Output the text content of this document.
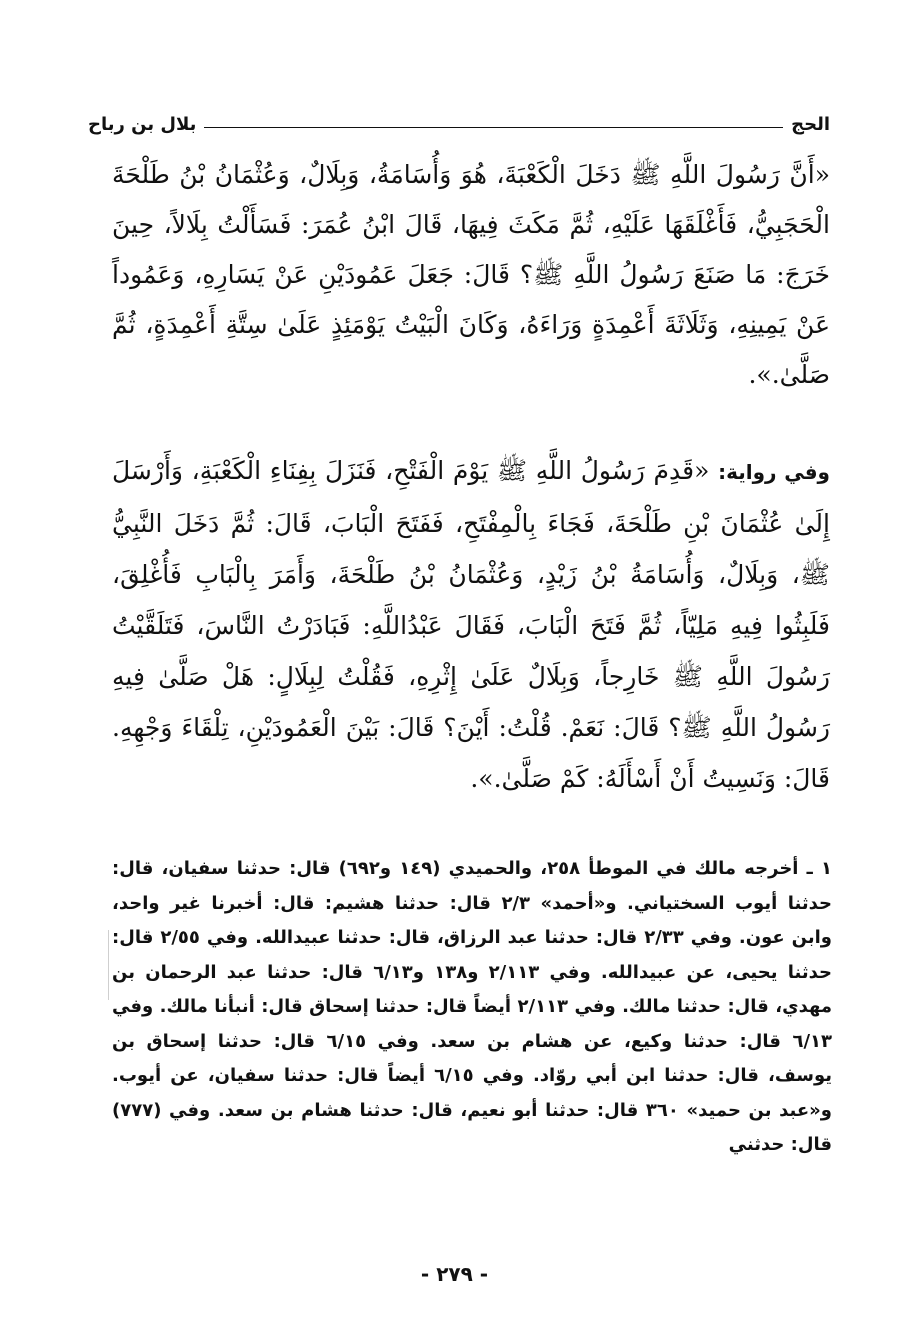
الحج
بلال بن رباح

«أَنَّ رَسُولَ اللَّهِ ﷺ دَخَلَ الْكَعْبَةَ، هُوَ وَأُسَامَةُ، وَبِلَالٌ، وَعُثْمَانُ بْنُ طَلْحَةَ الْحَجَبِيُّ، فَأَغْلَقَهَا عَلَيْهِ، ثُمَّ مَكَثَ فِيهَا، قَالَ ابْنُ عُمَرَ: فَسَأَلْتُ بِلَالاً، حِينَ خَرَجَ: مَا صَنَعَ رَسُولُ اللَّهِ ﷺ؟ قَالَ: جَعَلَ عَمُودَيْنِ عَنْ يَسَارِهِ، وَعَمُوداً عَنْ يَمِينِهِ، وَثَلَاثَةَ أَعْمِدَةٍ وَرَاءَهُ، وَكَانَ الْبَيْتُ يَوْمَئِذٍ عَلَىٰ سِتَّةِ أَعْمِدَةٍ، ثُمَّ صَلَّىٰ.».

وفي رواية: «قَدِمَ رَسُولُ اللَّهِ ﷺ يَوْمَ الْفَتْحِ، فَنَزَلَ بِفِنَاءِ الْكَعْبَةِ، وَأَرْسَلَ إِلَىٰ عُثْمَانَ بْنِ طَلْحَةَ، فَجَاءَ بِالْمِفْتَحِ، فَفَتَحَ الْبَابَ، قَالَ: ثُمَّ دَخَلَ النَّبِيُّ ﷺ، وَبِلَالٌ، وَأُسَامَةُ بْنُ زَيْدٍ، وَعُثْمَانُ بْنُ طَلْحَةَ، وَأَمَرَ بِالْبَابِ فَأُغْلِقَ، فَلَبِثُوا فِيهِ مَلِيّاً، ثُمَّ فَتَحَ الْبَابَ، فَقَالَ عَبْدُاللَّهِ: فَبَادَرْتُ النَّاسَ، فَتَلَقَّيْتُ رَسُولَ اللَّهِ ﷺ خَارِجاً، وَبِلَالٌ عَلَىٰ إِثْرِهِ، فَقُلْتُ لِبِلَالٍ: هَلْ صَلَّىٰ فِيهِ رَسُولُ اللَّهِ ﷺ؟ قَالَ: نَعَمْ. قُلْتُ: أَيْنَ؟ قَالَ: بَيْنَ الْعَمُودَيْنِ، تِلْقَاءَ وَجْهِهِ. قَالَ: وَنَسِيتُ أَنْ أَسْأَلَهُ: كَمْ صَلَّىٰ.».

١ ـ أخرجه مالك في الموطأ ٢٥٨، والحميدي (١٤٩ و٦٩٢) قال: حدثنا سفيان، قال: حدثنا أيوب السختياني. و«أحمد» ٢/٣ قال: حدثنا هشيم: قال: أخبرنا غير واحد، وابن عون. وفي ٢/٣٣ قال: حدثنا عبد الرزاق، قال: حدثنا عبيدالله. وفي ٢/٥٥ قال: حدثنا يحيى، عن عبيدالله. وفي ٢/١١٣ و١٣٨ و٦/١٣ قال: حدثنا عبد الرحمان بن مهدي، قال: حدثنا مالك. وفي ٢/١١٣ أيضاً قال: حدثنا إسحاق قال: أنبأنا مالك. وفي ٦/١٣ قال: حدثنا وكيع، عن هشام بن سعد. وفي ٦/١٥ قال: حدثنا إسحاق بن يوسف، قال: حدثنا ابن أبي روّاد. وفي ٦/١٥ أيضاً قال: حدثنا سفيان، عن أيوب. و«عبد بن حميد» ٣٦٠ قال: حدثنا أبو نعيم، قال: حدثنا هشام بن سعد. وفي (٧٧٧) قال: حدثني

- ٢٧٩ -
